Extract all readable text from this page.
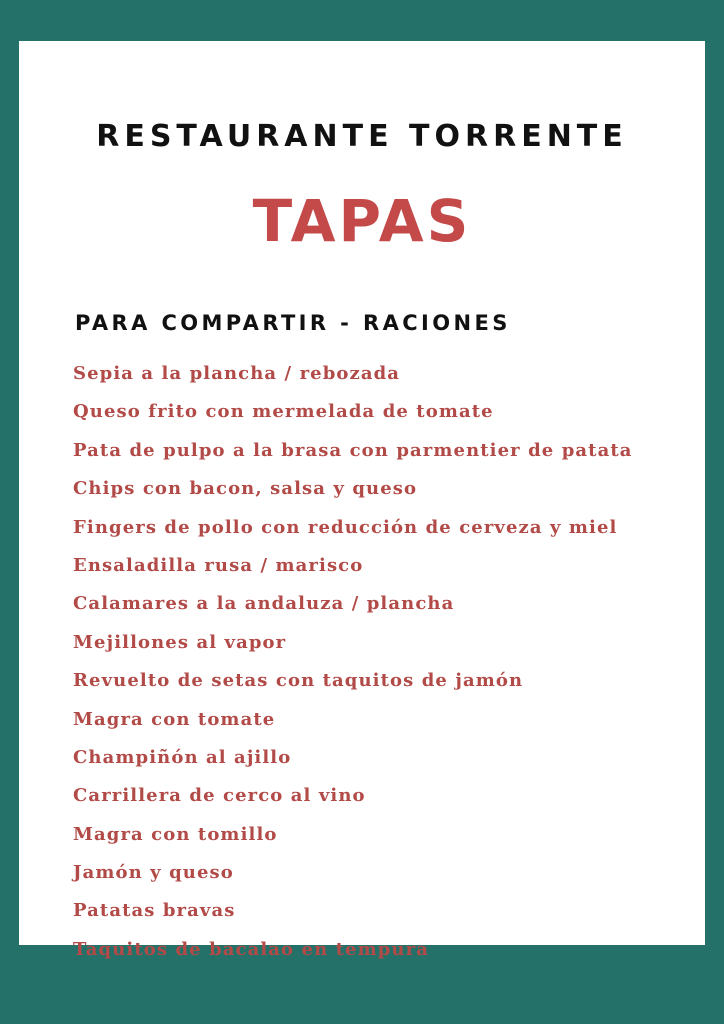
RESTAURANTE TORRENTE
TAPAS
PARA COMPARTIR - RACIONES
Sepia a la plancha / rebozada
Queso frito con mermelada de tomate
Pata de pulpo a la brasa con parmentier de patata
Chips con bacon, salsa y queso
Fingers de pollo con reducción de cerveza y miel
Ensaladilla rusa / marisco
Calamares a la andaluza / plancha
Mejillones al vapor
Revuelto de setas con taquitos de jamón
Magra con tomate
Champiñón al ajillo
Carrillera de cerco al vino
Magra con tomillo
Jamón y queso
Patatas bravas
Taquitos de bacalao en tempura
